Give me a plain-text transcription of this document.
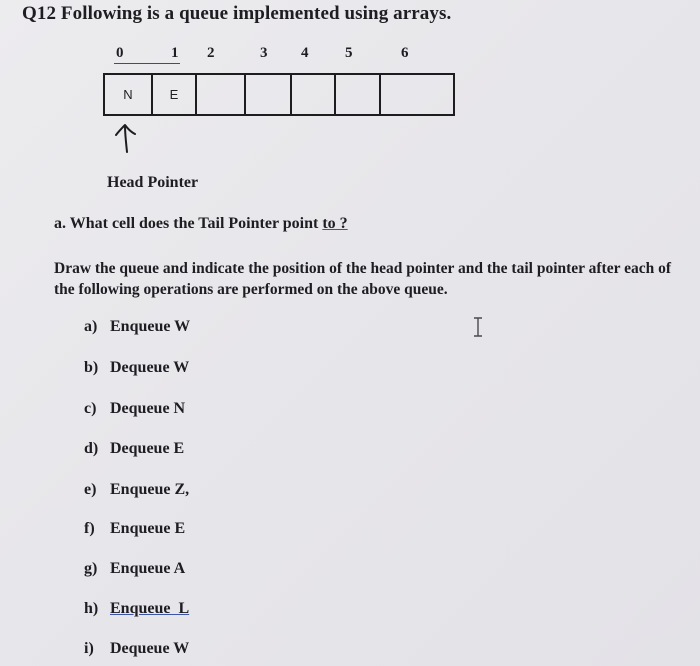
Q12 Following is a queue implemented using arrays.
0	1 2	3 4 5	6
N	E
Head Pointer
a. What cell does the Tail Pointer point to ?
Draw the queue and indicate the position of the head pointer and the tail pointer after each of the following operations are performed on the above queue.
a) Enqueue W
b) Dequeue W
c) Dequeue N
d) Dequeue E
e) Enqueue Z,
f) Enqueue E
g) Enqueue A
h) Enqueue  L
i) Dequeue W
